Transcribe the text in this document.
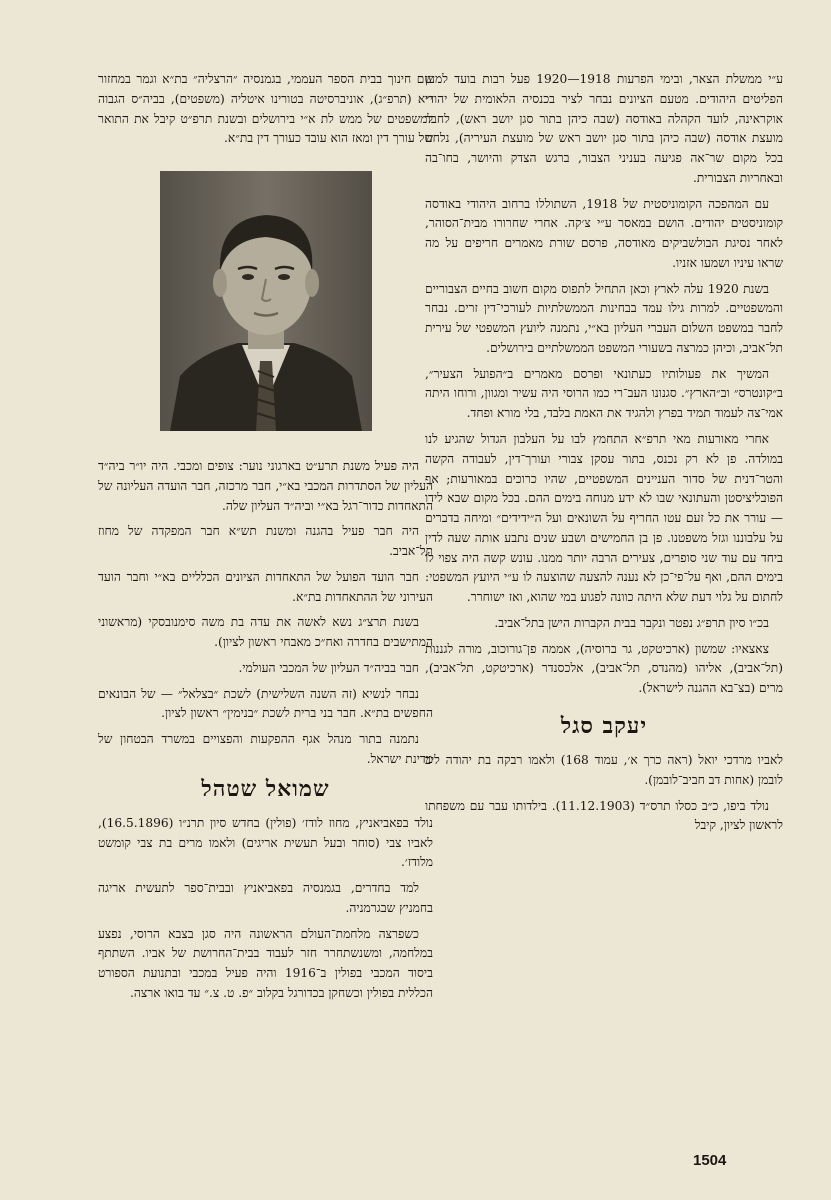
ע״י ממשלת הצאר, ובימי הפרעות 1918—1920 פעל רבות בועד למען הפליטים היהודים. מטעם הציונים נבחר לציר בכנסיה הלאומית של יהודי אוקראינה, לועד הקהלה באודסה (שבה כיהן בתור סגן יושב ראש), לחבר מועצת אודסה (שבה כיהן בתור סגן יושב ראש של מועצת העיריה), נלחם בכל מקום שר־אה פגיעה בעניני הצבור, ברגש הצדק והיושר, בחו־בה ובאחריות הצבורית.

עם המהפכה הקומוניסטית של 1918, השתוללו ברחוב היהודי באודסה קומוניסטים יהודים. הושם במאסר ע״י צ׳קה. אחרי שחרורו מבית־הסוהר, לאחר נסיגת הבולשביקים מאודסה, פרסם שורת מאמרים חריפים על מה שראו עיניו ושמעו אזניו.

בשנת 1920 עלה לארץ וכאן התחיל לתפוס מקום חשוב בחיים הצבוריים והמשפטיים. למרות גילו עמד בבחינות הממשלתיות לעורכי־דין זרים. נבחר לחבר במשפט השלום העברי העליון בא״י, נתמנה ליועץ המשפטי של עירית תל־אביב, וכיהן כמרצה בשעורי המשפט הממשלתיים בירושלים.

המשיך את פעולותיו כעתונאי ופרסם מאמרים ב״הפועל הצעיר״, ב״קונטרס״ וב״הארץ״. סגנונו העב־רי כמו הרוסי היה עשיר ומגוון, ורוחו היתה אמי־צה לעמוד תמיד בפרץ ולהגיד את האמת בלבד, בלי מורא ופחד.

אחרי מאורעות מאי תרפ״א התחמץ לבו על העלבון הגדול שהגיע לנו במולדה. פן לא רק נכנס, בתור עסקן צבורי ועורך־דין, לעבודה הקשה והטר־דנית של סדור העניינים המשפטיים, שהיו כרוכים במאורעות; אף הפובליציסטן והעתונאי שבו לא ידע מנוחה בימים ההם. בכל מקום שבא לידו — עורר את כל זעם עטו החריף על השונאים ועל ה״ידידים״ ומיחה בדברים על עלבוננו וגזל משפטנו. פן בן החמישים ושבע שנים נתבע אותה שעה לדין ביחד עם עוד שני סופרים, צעירים הרבה יותר ממנו. עונש קשה היה צפוי לו בימים ההם, ואף על־פי־כן לא נענה להצעה שהוצעה לו ע״י היועץ המשפטי: לחתום על גלוי דעת שלא היתה כוונה לפגוע במי שהוא, ואז ישוחרר.

בכ״ו סיון תרפ״ג נפטר ונקבר בבית הקברות הישן בתל־אביב.

צאצאיו: שמשון (ארכיטקט, גר ברוסיה), אממה פן־גורוכוב, מורה לגננות (תל־אביב), אליהו (מהנדס, תל־אביב), אלכסנדר (ארכיטקט, תל־אביב), מרים (בצ־בא ההגנה לישראל).

יעקב סגל

לאביו מרדכי יואל (ראה כרך א׳, עמוד 168) ולאמו רבקה בת יהודה ליב לובמן (אחות דב חביב־לובמן).

נולד ביפו, כ״ב כסלו תרס״ד (11.12.1903). בילדותו עבר עם משפחתו לראשון לציון, קיבל

שם חינוך בבית הספר העממי, בגמנסיה ״הרצליה״ בת״א וגמר במחזור י״א (תרפ״ג), אוניברסיטה בטורינו איטליה (משפטים), בביה״ס הגבוה למשפטים של ממש לת א״י בירושלים ובשנת תרפ״ט קיבל את התואר של עורך דין ומאז הוא עובד כעורך דין בת״א.

היה פעיל משנת תרע״ט בארגוני נוער: צופים ומכבי. היה יו״ר ביה״ד העליון של הסתדרות המכבי בא״י, חבר מרכזה, חבר הועדה העליונה של התאחדות כדור־רגל בא״י וביה״ד העליון שלה.

היה חבר פעיל בהגנה ומשנת תש״א חבר המפקדה של מחוז תל־אביב.

חבר הועד הפועל של התאחדות הציונים הכלליים בא״י וחבר הועד העירוני של ההתאחדות בת״א.

בשנת תרצ״ג נשא לאשה את עדה בת משה סימנובסקי (מראשוני המתישבים בחדרה ואח״כ מאבחי ראשון לציון).

חבר בביה״ד העליון של המכבי העולמי.

נבחר לנשיא (זה השנה השלישית) לשכת ״בצלאל״ — של הבונאים החפשים בת״א. חבר בני ברית לשכת ״בנימין״ ראשון לציון.

נתמנה בתור מנהל אגף ההפקעות והפצויים במשרד הבטחון של מדינת ישראל.

שמואל שטהל

נולד בפאביאניץ, מחוז לודז׳ (פולין) בחדש סיון תרנ״ו (16.5.1896), לאביו צבי (סוחר ובעל תעשית אריגים) ולאמו מרים בת צבי קומשט מלודז׳.

למד בחדרים, בגמנסיה בפאביאניץ ובבית־ספר לתעשית אריגה בחמניץ שבגרמניה.

כשפרצה מלחמת־העולם הראשונה היה סגן בצבא הרוסי, נפצע במלחמה, ומשנשתחרר חזר לעבוד בבית־החרושת של אביו. השתתף ביסוד המכבי בפולין ב־1916 והיה פעיל במכבי ובתנועת הספורט הכללית בפולין וכשחקן בכדורגל בקלוב ״פ. ט. צ.״ עד בואו ארצה.

1504
